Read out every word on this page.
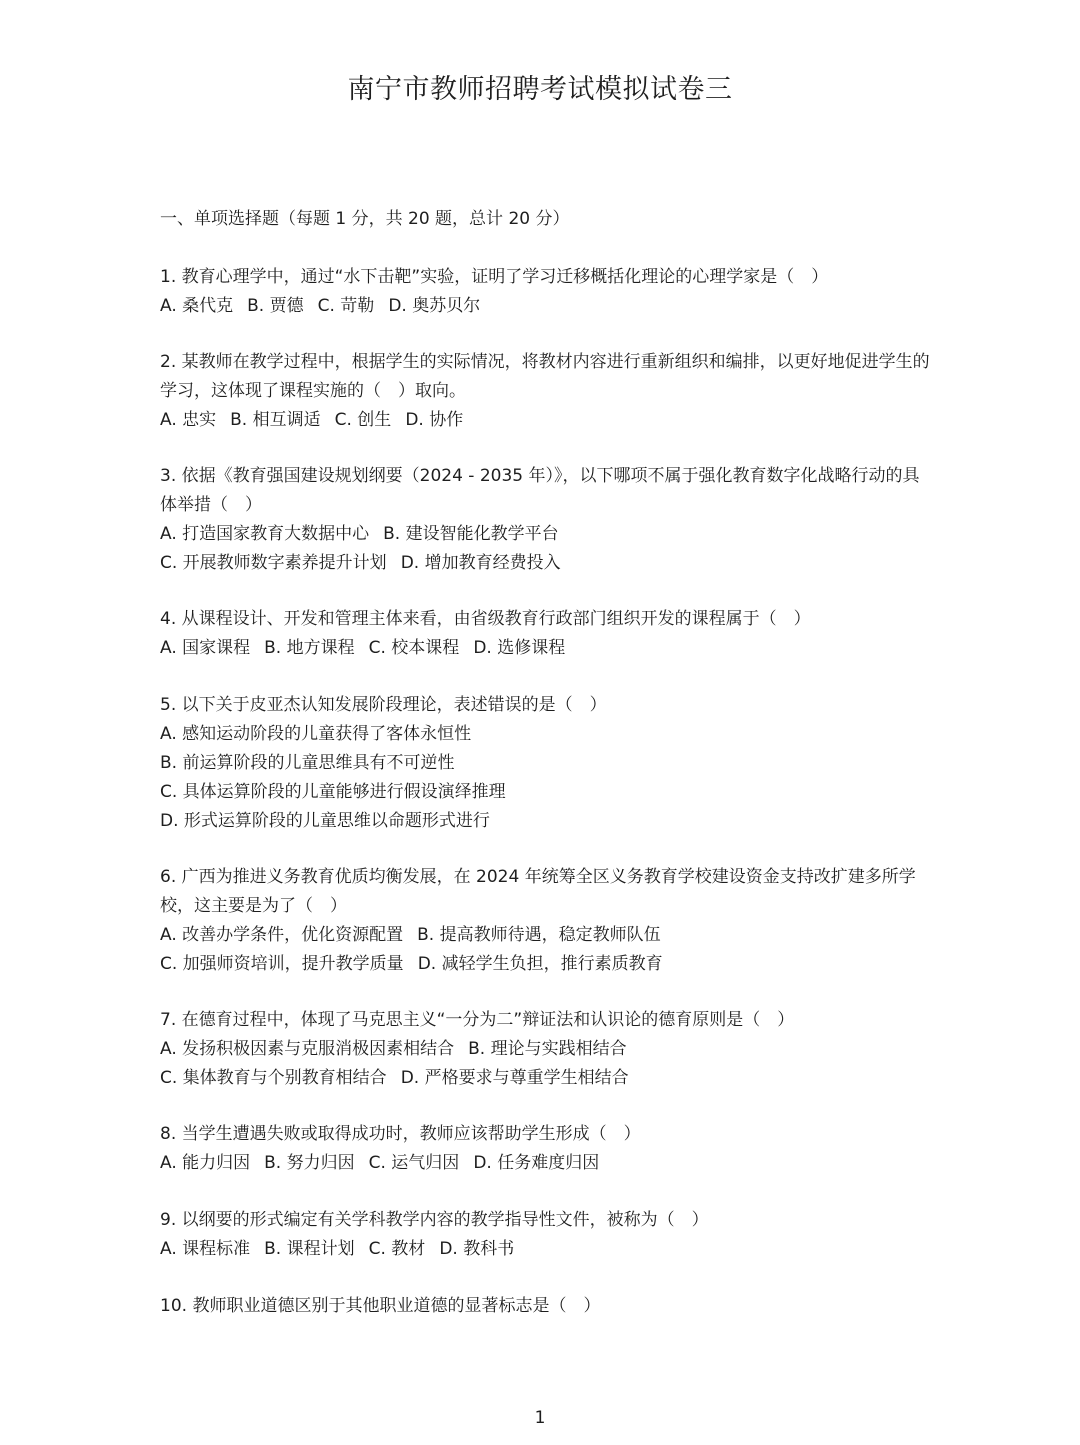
南宁市教师招聘考试模拟试卷三
一、单项选择题（每题 1 分，共 20 题，总计 20 分）
1. 教育心理学中，通过“水下击靶”实验，证明了学习迁移概括化理论的心理学家是（　）
A. 桑代克 B. 贾德 C. 苛勒 D. 奥苏贝尔
2. 某教师在教学过程中，根据学生的实际情况，将教材内容进行重新组织和编排，以更好地促进学生的学习，这体现了课程实施的（　）取向。
A. 忠实 B. 相互调适 C. 创生 D. 协作
3. 依据《教育强国建设规划纲要（2024 - 2035 年）》，以下哪项不属于强化教育数字化战略行动的具体举措（　）
A. 打造国家教育大数据中心 B. 建设智能化教学平台
C. 开展教师数字素养提升计划 D. 增加教育经费投入
4. 从课程设计、开发和管理主体来看，由省级教育行政部门组织开发的课程属于（　）
A. 国家课程 B. 地方课程 C. 校本课程 D. 选修课程
5. 以下关于皮亚杰认知发展阶段理论，表述错误的是（　）
A. 感知运动阶段的儿童获得了客体永恒性
B. 前运算阶段的儿童思维具有不可逆性
C. 具体运算阶段的儿童能够进行假设演绎推理
D. 形式运算阶段的儿童思维以命题形式进行
6. 广西为推进义务教育优质均衡发展，在 2024 年统筹全区义务教育学校建设资金支持改扩建多所学校，这主要是为了（　）
A. 改善办学条件，优化资源配置 B. 提高教师待遇，稳定教师队伍
C. 加强师资培训，提升教学质量 D. 减轻学生负担，推行素质教育
7. 在德育过程中，体现了马克思主义“一分为二”辩证法和认识论的德育原则是（　）
A. 发扬积极因素与克服消极因素相结合 B. 理论与实践相结合
C. 集体教育与个别教育相结合 D. 严格要求与尊重学生相结合
8. 当学生遭遇失败或取得成功时，教师应该帮助学生形成（　）
A. 能力归因 B. 努力归因 C. 运气归因 D. 任务难度归因
9. 以纲要的形式编定有关学科教学内容的教学指导性文件，被称为（　）
A. 课程标准 B. 课程计划 C. 教材 D. 教科书
10. 教师职业道德区别于其他职业道德的显著标志是（　）
1
